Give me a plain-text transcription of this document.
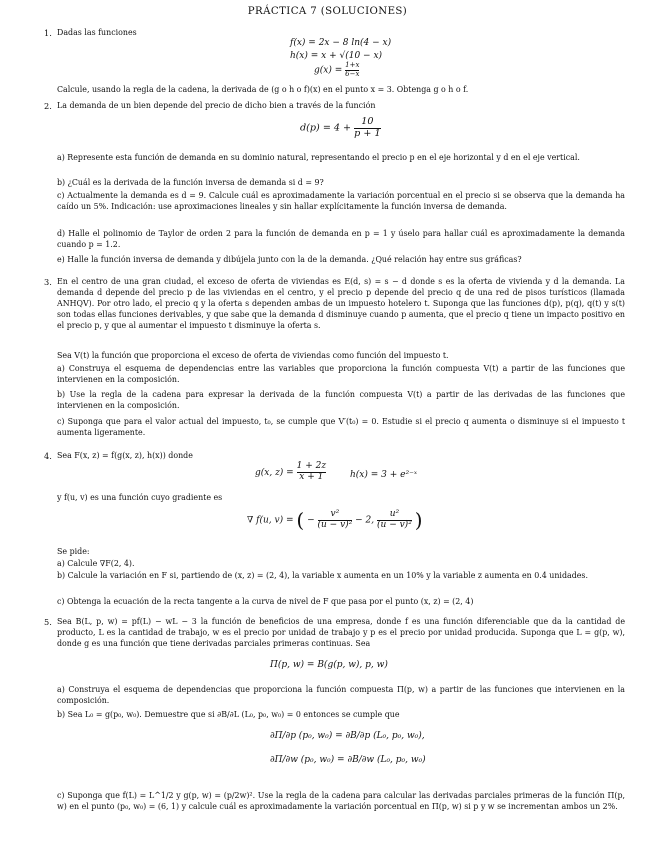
PRÁCTICA 7 (SOLUCIONES)
1. Dadas las funciones
f(x) = 2x − 8 ln(4 − x)
h(x) = x + √(10 − x)
$g(x) = \frac{1+x}{6-x}$
Calcule, usando la regla de la cadena, la derivada de (g o h o f)(x) en el punto x = 3. Obtenga g o h o f.
2. La demanda de un bien depende del precio de dicho bien a través de la función
$d(p) = 4 + \frac{10}{p + 1}$
a) Represente esta función de demanda en su dominio natural, representando el precio p en el eje horizontal y d en el eje vertical.
b) ¿Cuál es la derivada de la función inversa de demanda si d = 9?
c) Actualmente la demanda es d = 9. Calcule cuál es aproximadamente la variación porcentual en el precio si se observa que la demanda ha caído un 5%. Indicación: use aproximaciones lineales y sin hallar explícitamente la función inversa de demanda.
d) Halle el polinomio de Taylor de orden 2 para la función de demanda en p = 1 y úselo para hallar cuál es aproximadamente la demanda cuando p = 1.2.
e) Halle la función inversa de demanda y dibújela junto con la de la demanda. ¿Qué relación hay entre sus gráficas?
3. En el centro de una gran ciudad, el exceso de oferta de viviendas es E(d, s) = s − d donde s es la oferta de vivienda y d la demanda. La demanda d depende del precio p de las viviendas en el centro, y el precio p depende del precio q de una red de pisos turísticos (llamada ANHQV). Por otro lado, el precio q y la oferta s dependen ambas de un impuesto hotelero t. Suponga que las funciones d(p), p(q), q(t) y s(t) son todas ellas funciones derivables, y que sabe que la demanda d disminuye cuando p aumenta, que el precio q tiene un impacto positivo en el precio p, y que al aumentar el impuesto t disminuye la oferta s.
Sea V(t) la función que proporciona el exceso de oferta de viviendas como función del impuesto t.
a) Construya el esquema de dependencias entre las variables que proporciona la función compuesta V(t) a partir de las funciones que intervienen en la composición.
b) Use la regla de la cadena para expresar la derivada de la función compuesta V(t) a partir de las derivadas de las funciones que intervienen en la composición.
c) Suponga que para el valor actual del impuesto, t₀, se cumple que V′(t₀) = 0. Estudie si el precio q aumenta o disminuye si el impuesto t aumenta ligeramente.
4. Sea F(x, z) = f(g(x, z), h(x)) donde
g(x, $z) = \frac{1 + 2z}{x + 1}$	h(x) = 3 + e²⁻ˣ
y f(u, v) es una función cuyo gradiente es
∇ f(u, v) = ( − $\frac{\text{v²}}{\text{(u − v)²}} - 2$, $\frac{\text{u²}}{\text{(u − v)²}}$ )
Se pide:
a) Calcule ∇F(2, 4).
b) Calcule la variación en F si, partiendo de (x, z) = (2, 4), la variable x aumenta en un 10% y la variable z aumenta en 0.4 unidades.
c) Obtenga la ecuación de la recta tangente a la curva de nivel de F que pasa por el punto (x, z) = (2, 4)
5. Sea B(L, p, w) = pf(L) − wL − 3 la función de beneficios de una empresa, donde f es una función diferenciable que da la cantidad de producto, L es la cantidad de trabajo, w es el precio por unidad de trabajo y p es el precio por unidad producida. Suponga que L = g(p, w), donde g es una función que tiene derivadas parciales primeras continuas. Sea
Π(p, w) = B(g(p, w), p, w)
a) Construya el esquema de dependencias que proporciona la función compuesta Π(p, w) a partir de las funciones que intervienen en la composición.
b) Sea L₀ = g(p₀, w₀). Demuestre que si ∂B/∂L (L₀, p₀, w₀) = 0 entonces se cumple que
∂Π/∂p (p₀, w₀) = ∂B/∂p (L₀, p₀, w₀),
∂Π/∂w (p₀, w₀) = ∂B/∂w (L₀, p₀, w₀)
c) Suponga que f(L) = L^1/2 y g(p, w) = (p/2w)². Use la regla de la cadena para calcular las derivadas parciales primeras de la función Π(p, w) en el punto (p₀, w₀) = (6, 1) y calcule cuál es aproximadamente la variación porcentual en Π(p, w) si p y w se incrementan ambos un 2%.
